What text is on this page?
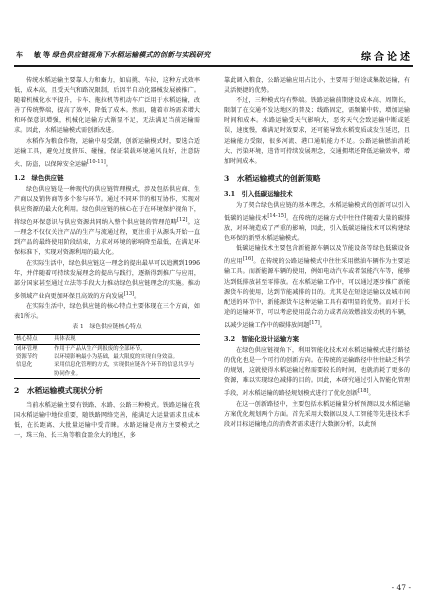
车　敏等 绿色供应链视角下水稻运输模式的创新与实践研究	综合论述

传统水稻运输主要靠人力和畜力，如肩挑、车拉，这种方式效率低，成本高，且受天气和路况限制，后因半自动化器械发展被推广。随着机械化水平提升，卡车、拖拉机等机动车广泛用于水稻运输，改善了传统弊端，提高了效率，降低了成本。然而，随着市场需求增大和环保意识增强，机械化运输方式渐显不足，无法满足当前运输需求。因此，水稻运输模式需创新改进。

水稻作为粮食作物，运输中易受潮，创新运输模式时，要选合适运输工具，避免过度挤压、碰撞，保证装载环境通风良好，注意防火、防盗，以保障安全运输[10-11]。

1.2　绿色供应链

绿色供应链是一种现代的供应链管理模式，涉及包括供应商、生产商以及销售商等多个参与环节。通过不同环节的相互协作，实现对供应资源的最大化利用。绿色供应链的核心在于在环境保护视角下，将绿色环保意识与供应资源共同纳入整个供应链的管理范畴[12]。这一理念不仅仅关注产品的生产与流通过程，更注重于从源头开始一直到产品的最终使用阶段结束，力求对环境的影响降至最低，在满足环保标准下，实现对资源利用的最大化。

在实际生活中，绿色供应链这一理念的提出最早可以追溯到1996年，并伴随着可持续发展理念的提出与践行，逐渐得到推广与应用，部分国家甚至通过立法等手段大力推动绿色供应链理念的实施。推动多领域产业向更加环保且高效的方向发展[13]。

在实际生活中，绿色供应链的核心特点主要体现在三个方面，如表1所示。

表 1　绿色供应链核心特点
核心特点	具体表现
闭环管理	作用于产品从生产到报废的全部环节。
资源节约	以环境影响最小为基础，最大限度的实现自身效益。
信息化	采用信息化管理的方式，实现供应链各个环节的信息共享与协同作业。
2　水稻运输模式现状分析

当前水稻运输主要有铁路、水路、公路三种模式。铁路运输在我国水稻运输中地位重要，随铁路网络完善，能满足大运量需求且成本低，在长距离、大批量运输中受青睐。水路运输是南方主要模式之一，珠三角、长三角等粮食盈余大的地区，多

靠此调入粮食，公路运输应用占比小，主要用于短途或集散运输，有灵活便捷的优势。

不过，三种模式均有弊端。铁路运输前期建设成本高、周期长，限制了在交通不发达地区的普及；线路固定，需频繁中转，增加运输时间和成本。水路运输受天气影响大，恶劣天气会致运输中断或延误，速度慢，难满足时效要求，还可能导致水稻变质或发生延迟，且运输能力受限，很多河流、港口通航能力不足。公路运输燃油消耗大、污染环境，违背可持续发展理念，交通拥堵还降低运输效率，增加时间成本。

3　水稻运输模式的创新策略
3.1　引入低碳运输技术

为了契合绿色供应链的基本理念，水稻运输模式的创新可以引入低碳的运输技术[14-15]。在传统的运输方式中往往伴随着大量的碳排放，对环境造成了严重的影响，因此，引入低碳运输技术可以构建绿色环保的新型水稻运输模式。

低碳运输技术主要包含新能源车辆以及节能设备等绿色低碳设备的应用[16]。在传统的公路运输模式中往往采用燃油车辆作为主要运输工具。而新能源车辆的使用，例如电动汽车或者氢能汽车等，能够达到低排放甚至零排放。在水稻运输工作中，可以通过逐步推广新能源货车的使用，达到节能减排的目的。尤其是在短途运输以及城市间配送的环节中，新能源货车这种运输工具有着明显的优势。而对于长途的运输环节，可以考虑使用混合动力或者高效燃油发动机的车辆，以减少运输工作中的碳排放问题[17]。

3.2　智能化设计运输方案

在绿色供应链视角下，利用智能化技术对水稻运输模式进行路径的优化也是一个可行的创新方向。在传统的运输路径中往往缺乏科学的规划，这就使得水稻运输过程需要较长的时间，也就消耗了更多的资源，难以实现绿色减排的目的。因此，本研究通过引入智能化管理手段，对水稻运输的路径规划模式进行了优化创新[18]。

在这一创新路径中，主要包括水稻运输量分析预测以及水稻运输方案优化规划两个方面。首先采用大数据以及人工智能等先进技术手段对目标运输地点的消费者需求进行大数据分析，以此预

- 47 -
